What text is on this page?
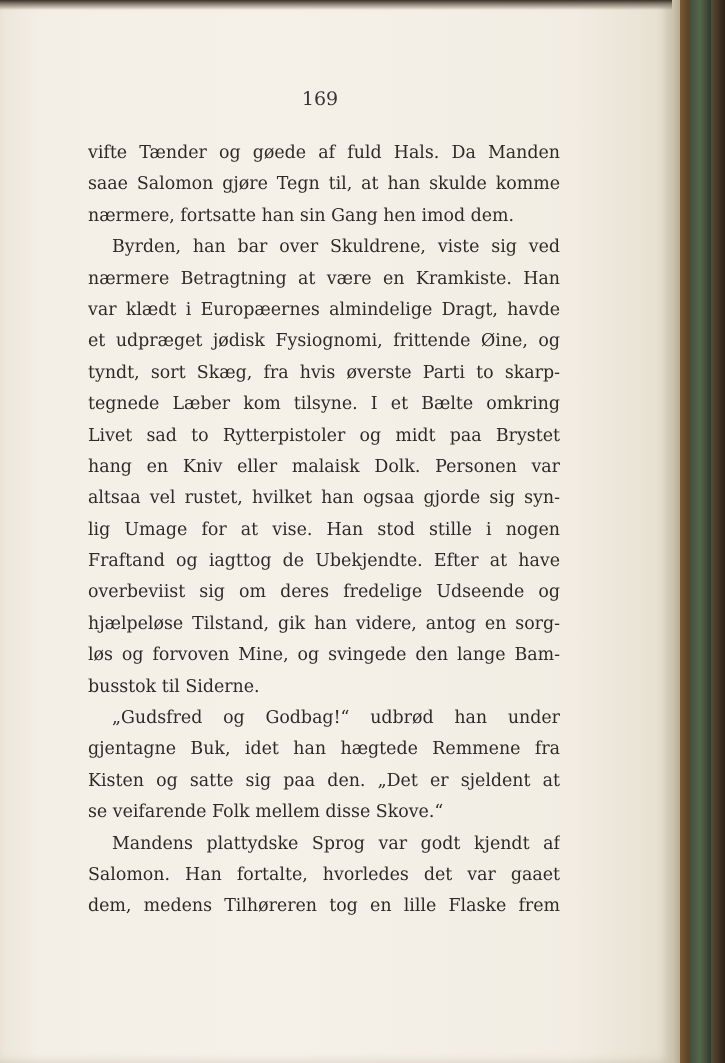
169
vifte Tænder og gøede af fuld Hals. Da Manden
saae Salomon gjøre Tegn til, at han skulde komme
nærmere, fortsatte han sin Gang hen imod dem.
Byrden, han bar over Skuldrene, viste sig ved
nærmere Betragtning at være en Kramkiste. Han
var klædt i Europæernes almindelige Dragt, havde
et udpræget jødisk Fysiognomi, frittende Øine, og
tyndt, sort Skæg, fra hvis øverste Parti to skarp-
tegnede Læber kom tilsyne. I et Bælte omkring
Livet sad to Rytterpistoler og midt paa Brystet
hang en Kniv eller malaisk Dolk. Personen var
altsaa vel rustet, hvilket han ogsaa gjorde sig syn-
lig Umage for at vise. Han stod stille i nogen
Fraftand og iagttog de Ubekjendte. Efter at have
overbeviist sig om deres fredelige Udseende og
hjælpeløse Tilstand, gik han videre, antog en sorg-
løs og forvoven Mine, og svingede den lange Bam-
busstok til Siderne.
„Gudsfred og Godbag!“ udbrød han under
gjentagne Buk, idet han hægtede Remmene fra
Kisten og satte sig paa den. „Det er sjeldent at
se veifarende Folk mellem disse Skove.“
Mandens plattydske Sprog var godt kjendt af
Salomon. Han fortalte, hvorledes det var gaaet
dem, medens Tilhøreren tog en lille Flaske frem
